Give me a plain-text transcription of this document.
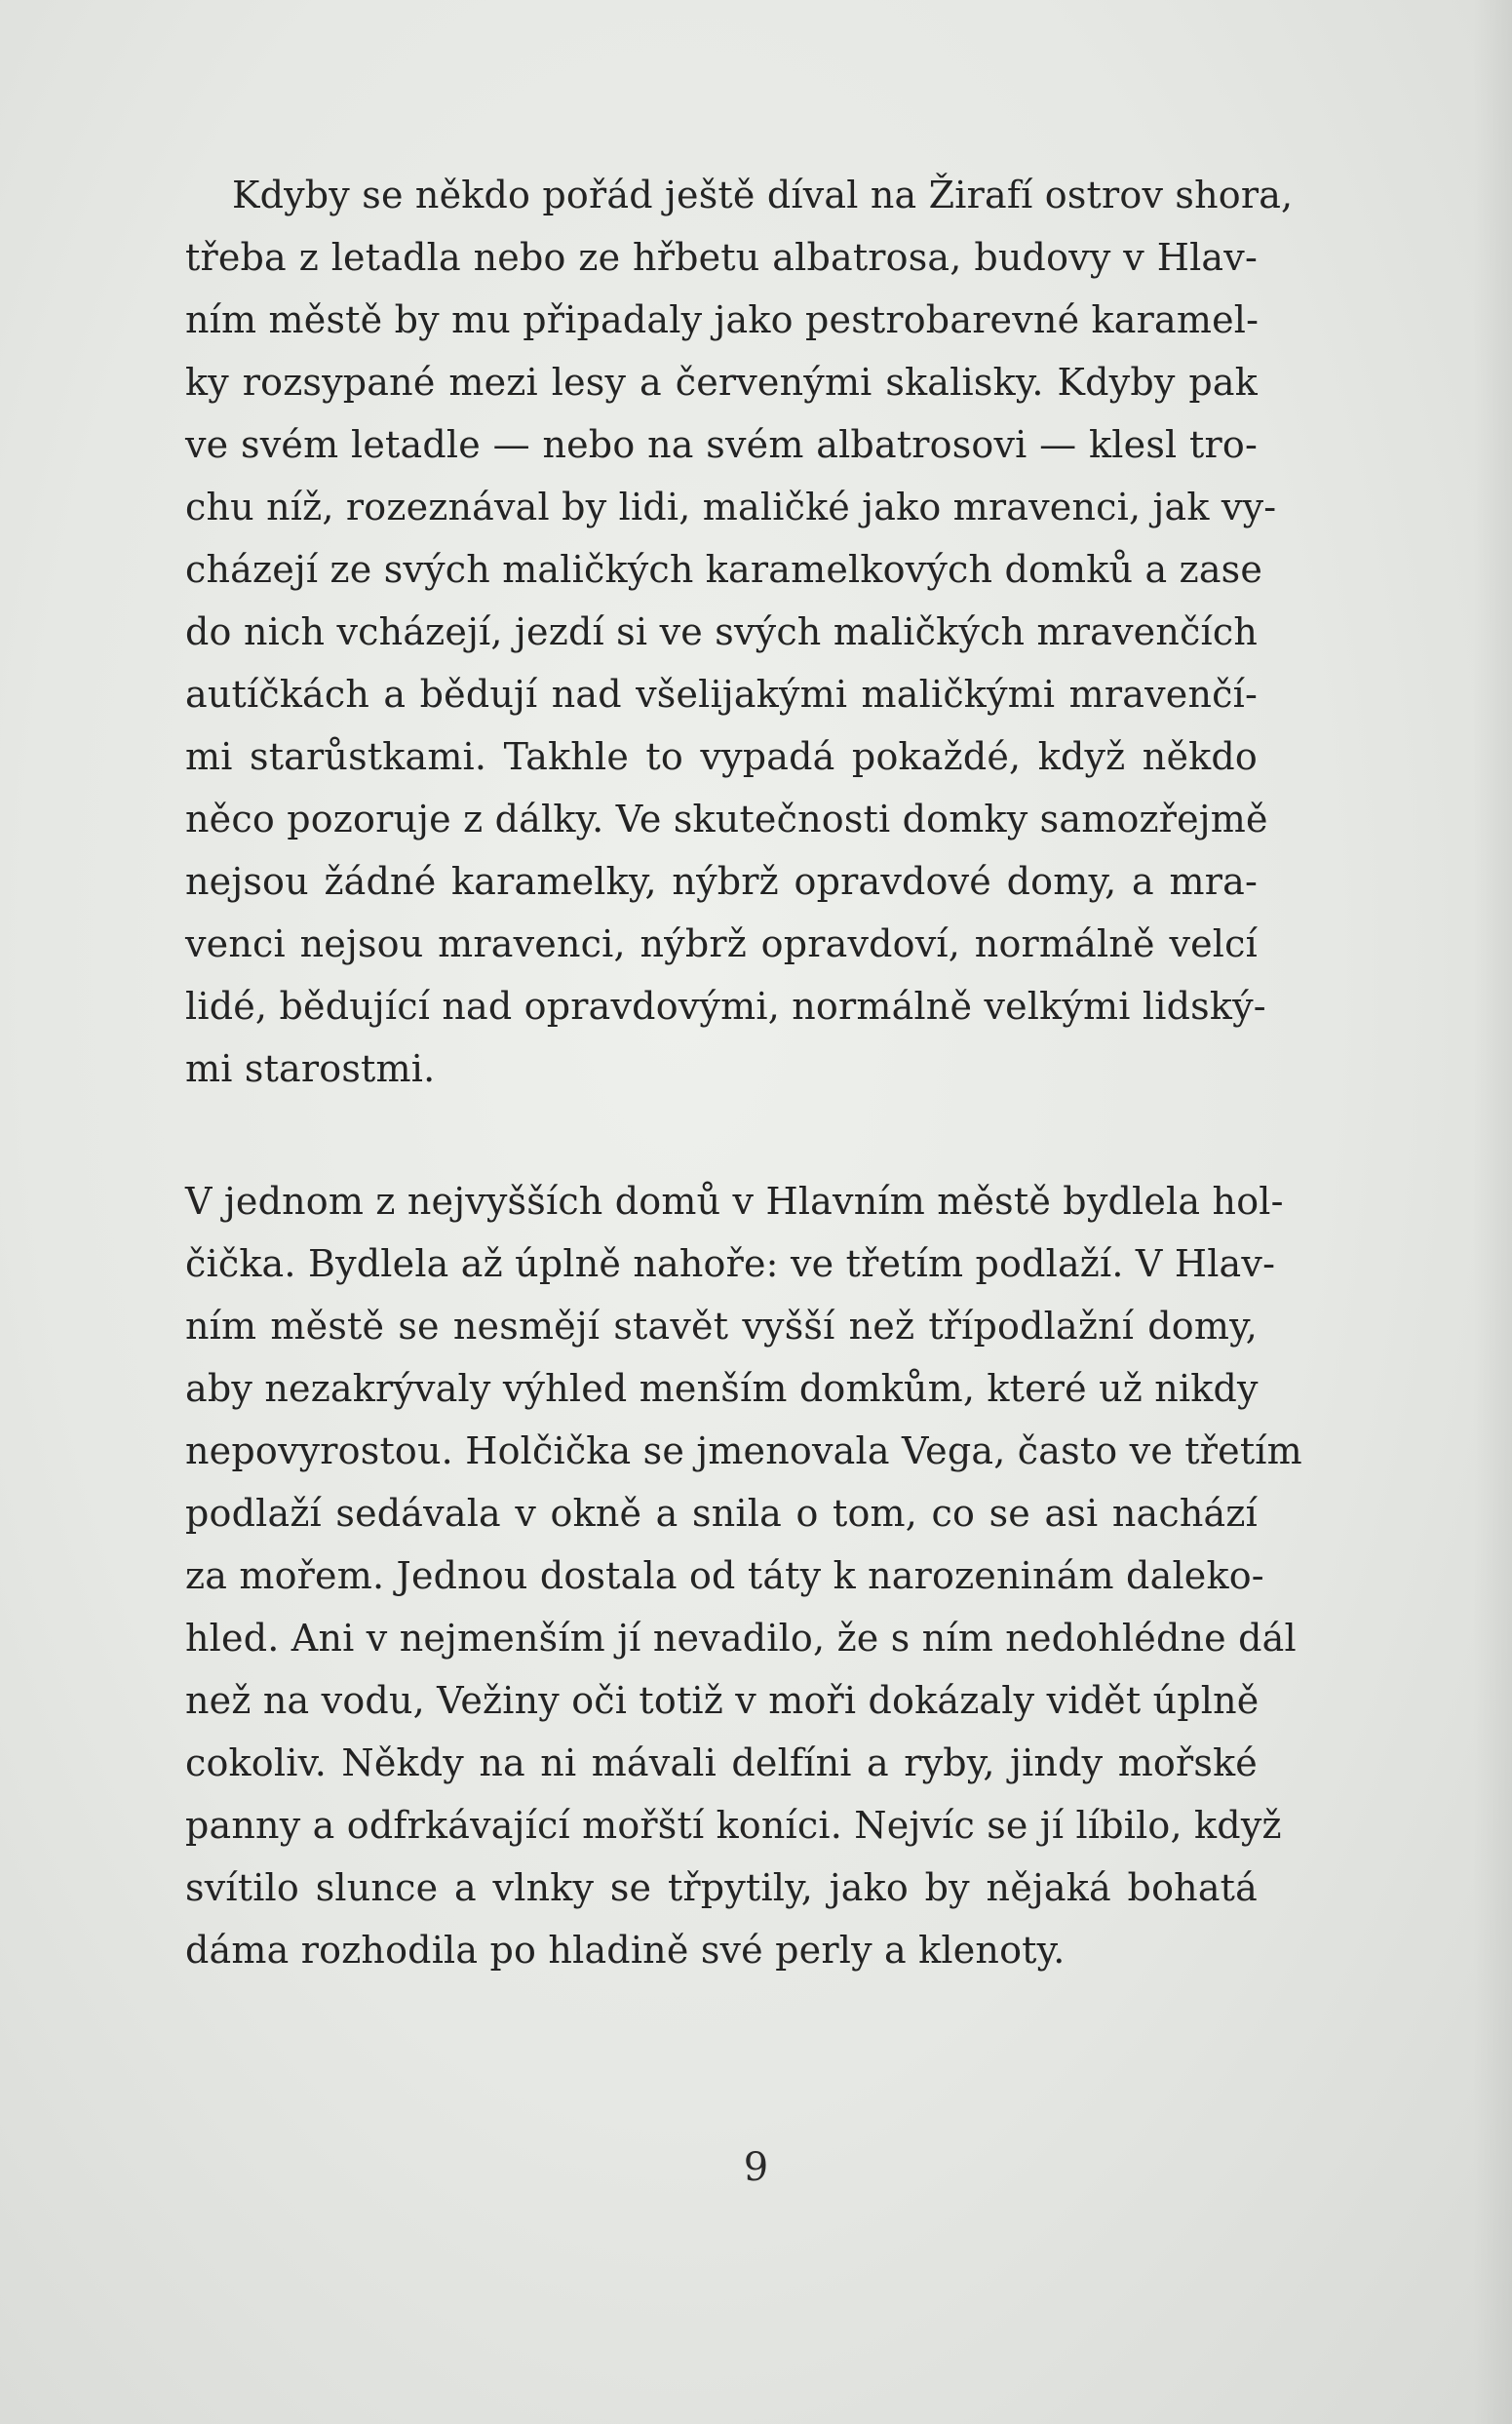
Kdyby se někdo pořád ještě díval na Žirafí ostrov shora,
třeba z letadla nebo ze hřbetu albatrosa, budovy v Hlav-
ním městě by mu připadaly jako pestrobarevné karamel-
ky rozsypané mezi lesy a červenými skalisky. Kdyby pak
ve svém letadle — nebo na svém albatrosovi — klesl tro-
chu níž, rozeznával by lidi, maličké jako mravenci, jak vy-
cházejí ze svých maličkých karamelkových domků a zase
do nich vcházejí, jezdí si ve svých maličkých mravenčích
autíčkách a bědují nad všelijakými maličkými mravenčí-
mi starůstkami. Takhle to vypadá pokaždé, když někdo
něco pozoruje z dálky. Ve skutečnosti domky samozřejmě
nejsou žádné karamelky, nýbrž opravdové domy, a mra-
venci nejsou mravenci, nýbrž opravdoví, normálně velcí
lidé, bědující nad opravdovými, normálně velkými lidský-
mi starostmi.
V jednom z nejvyšších domů v Hlavním městě bydlela hol-
čička. Bydlela až úplně nahoře: ve třetím podlaží. V Hlav-
ním městě se nesmějí stavět vyšší než třípodlažní domy,
aby nezakrývaly výhled menším domkům, které už nikdy
nepovyrostou. Holčička se jmenovala Vega, často ve třetím
podlaží sedávala v okně a snila o tom, co se asi nachází
za mořem. Jednou dostala od táty k narozeninám daleko-
hled. Ani v nejmenším jí nevadilo, že s ním nedohlédne dál
než na vodu, Vežiny oči totiž v moři dokázaly vidět úplně
cokoliv. Někdy na ni mávali delfíni a ryby, jindy mořské
panny a odfrkávající mořští koníci. Nejvíc se jí líbilo, když
svítilo slunce a vlnky se třpytily, jako by nějaká bohatá
dáma rozhodila po hladině své perly a klenoty.
9
